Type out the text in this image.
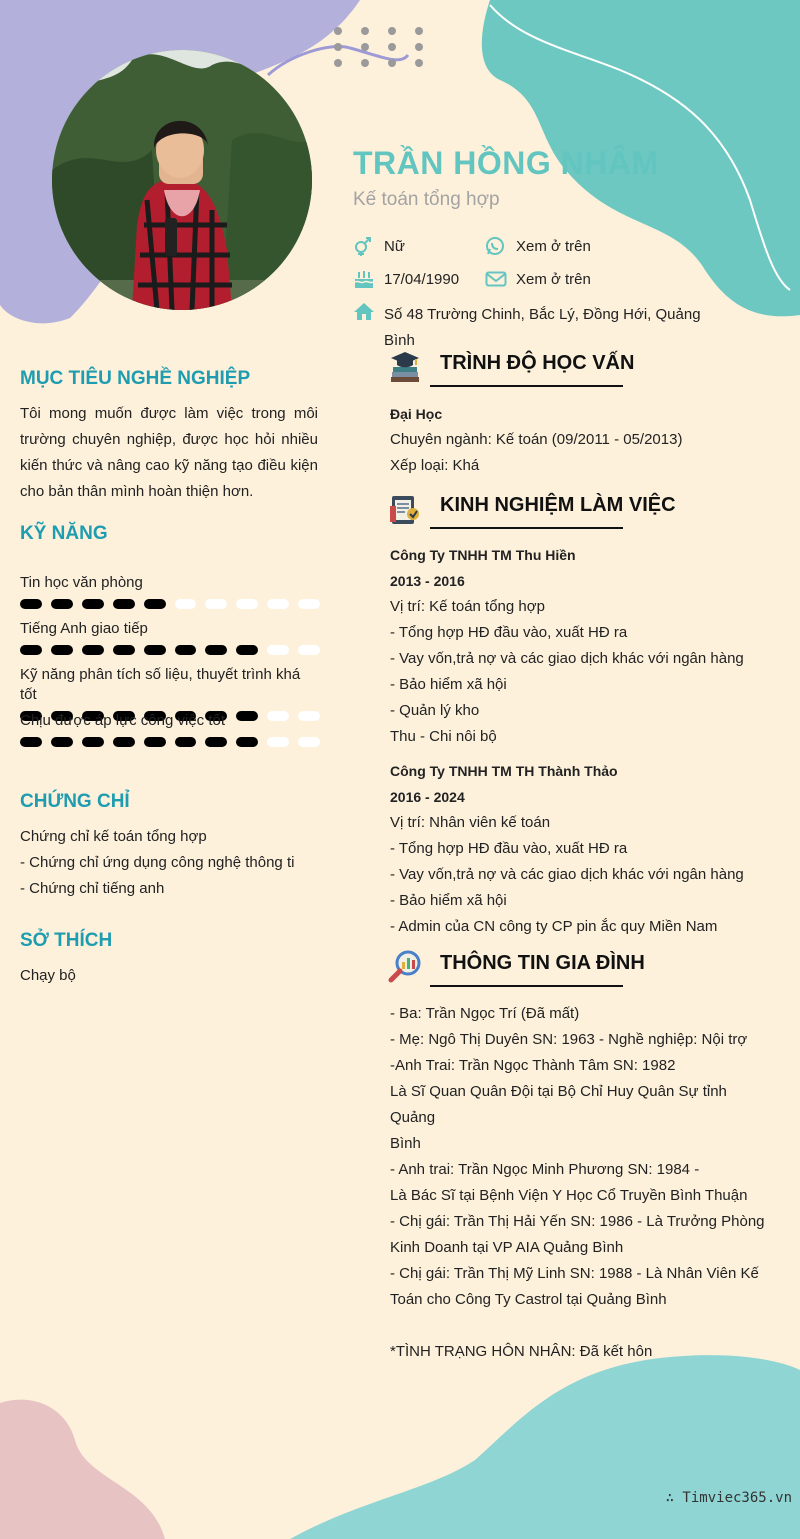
TRẦN HỒNG NHÂM
Kế toán tổng hợp
Nữ	Xem ở trên
17/04/1990	Xem ở trên
Số 48 Trường Chinh, Bắc Lý, Đồng Hới, Quảng
Bình
MỤC TIÊU NGHỀ NGHIỆP
Tôi mong muốn được làm việc trong môi trường chuyên nghiệp, được học hỏi nhiều kiến thức và nâng cao kỹ năng tạo điều kiện cho bản thân mình hoàn thiện hơn.
KỸ NĂNG
Tin học văn phòng
Tiếng Anh giao tiếp
Kỹ năng phân tích số liệu, thuyết trình khá tốt
Chịu được áp lực công việc tốt
CHỨNG CHỈ
Chứng chỉ kế toán tổng hợp
- Chứng chỉ ứng dụng công nghệ thông ti
- Chứng chỉ tiếng anh
SỞ THÍCH
Chạy bộ
TRÌNH ĐỘ HỌC VẤN
Đại Học
Chuyên ngành: Kế toán (09/2011 - 05/2013)
Xếp loại: Khá
KINH NGHIỆM LÀM VIỆC
Công Ty TNHH TM Thu Hiền
2013 - 2016
Vị trí: Kế toán tổng hợp
- Tổng hợp HĐ đầu vào, xuất HĐ ra
- Vay vốn,trả nợ và các giao dịch khác với ngân hàng
- Bảo hiểm xã hội
- Quản lý kho
Thu - Chi nôi bộ
Công Ty TNHH TM TH Thành Thảo
2016 - 2024
Vị trí: Nhân viên kế toán
- Tổng hợp HĐ đầu vào, xuất HĐ ra
- Vay vốn,trả nợ và các giao dịch khác với ngân hàng
- Bảo hiểm xã hội
- Admin của CN công ty CP pin ắc quy Miền Nam
THÔNG TIN GIA ĐÌNH
- Ba: Trần Ngọc Trí (Đã mất)
- Mẹ: Ngô Thị Duyên SN: 1963 - Nghề nghiệp: Nội trợ
-Anh Trai: Trần Ngọc Thành Tâm SN: 1982
Là Sĩ Quan Quân Đội tại Bộ Chỉ Huy Quân Sự tỉnh Quảng
Bình
- Anh trai: Trần Ngọc Minh Phương SN: 1984 -
Là Bác Sĩ tại Bệnh Viện Y Học Cổ Truyền Bình Thuận
- Chị gái: Trần Thị Hải Yến SN: 1986 - Là Trưởng Phòng
Kinh Doanh tại VP AIA Quảng Bình
- Chị gái: Trần Thị Mỹ Linh SN: 1988 - Là Nhân Viên Kế
Toán cho Công Ty Castrol tại Quảng Bình
*TÌNH TRẠNG HÔN NHÂN: Đã kết hôn
∴ Timviec365.vn
